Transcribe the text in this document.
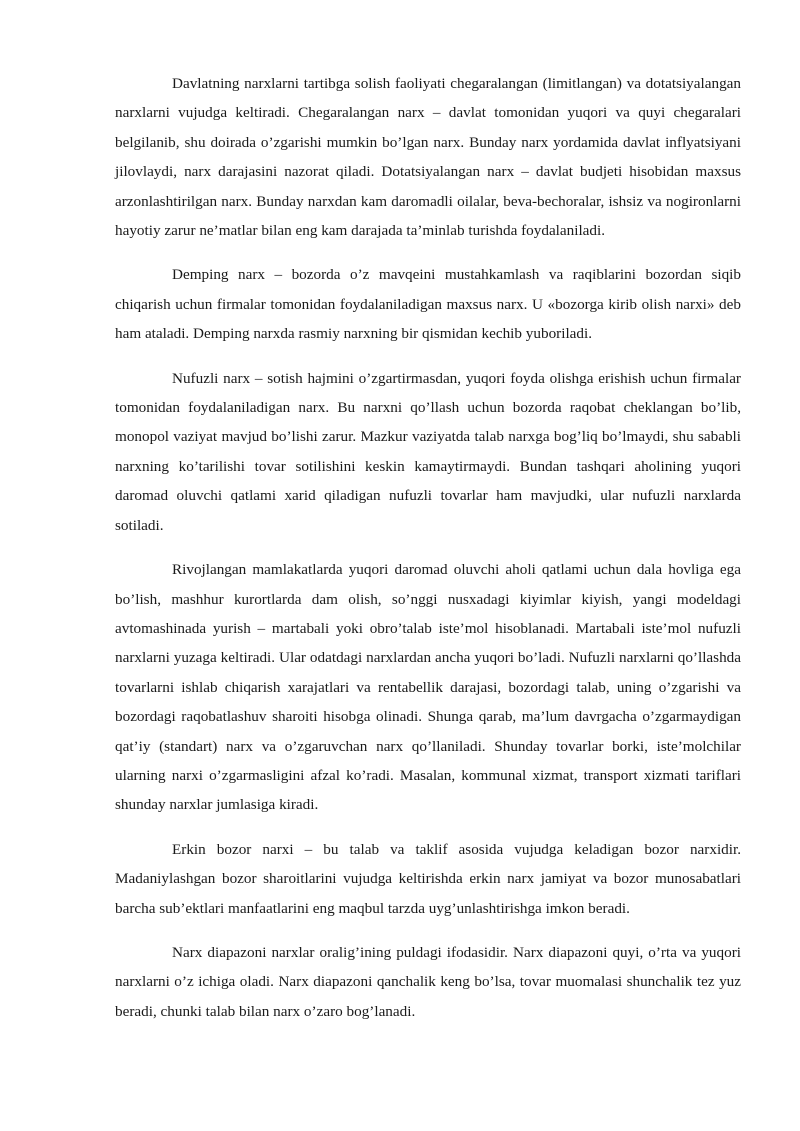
Davlatning narxlarni tartibga solish faoliyati chegaralangan (limitlangan) va dotatsiyalangan narxlarni vujudga keltiradi. Chegaralangan narx – davlat tomonidan yuqori va quyi chegaralari belgilanib, shu doirada o’zgarishi mumkin bo’lgan narx. Bunday narx yordamida davlat inflyatsiyani jilovlaydi, narx darajasini nazorat qiladi. Dotatsiyalangan narx – davlat budjeti hisobidan maxsus arzonlashtirilgan narx. Bunday narxdan kam daromadli oilalar, beva-bechoralar, ishsiz va nogironlarni hayotiy zarur ne’matlar bilan eng kam darajada ta’minlab turishda foydalaniladi.

Demping narx – bozorda o’z mavqeini mustahkamlash va raqiblarini bozordan siqib chiqarish uchun firmalar tomonidan foydalaniladigan maxsus narx. U «bozorga kirib olish narxi» deb ham ataladi. Demping narxda rasmiy narxning bir qismidan kechib yuboriladi.

Nufuzli narx – sotish hajmini o’zgartirmasdan, yuqori foyda olishga erishish uchun firmalar tomonidan foydalaniladigan narx. Bu narxni qo’llash uchun bozorda raqobat cheklangan bo’lib, monopol vaziyat mavjud bo’lishi zarur. Mazkur vaziyatda talab narxga bog’liq bo’lmaydi, shu sababli narxning ko’tarilishi tovar sotilishini keskin kamaytirmaydi. Bundan tashqari aholining yuqori daromad oluvchi qatlami xarid qiladigan nufuzli tovarlar ham mavjudki, ular nufuzli narxlarda sotiladi.

Rivojlangan mamlakatlarda yuqori daromad oluvchi aholi qatlami uchun dala hovliga ega bo’lish, mashhur kurortlarda dam olish, so’nggi nusxadagi kiyimlar kiyish, yangi modeldagi avtomashinada yurish – martabali yoki obro’talab iste’mol hisoblanadi. Martabali iste’mol nufuzli narxlarni yuzaga keltiradi. Ular odatdagi narxlardan ancha yuqori bo’ladi. Nufuzli narxlarni qo’llashda tovarlarni ishlab chiqarish xarajatlari va rentabellik darajasi, bozordagi talab, uning o’zgarishi va bozordagi raqobatlashuv sharoiti hisobga olinadi. Shunga qarab, ma’lum davrgacha o’zgarmaydigan qat’iy (standart) narx va o’zgaruvchan narx qo’llaniladi. Shunday tovarlar borki, iste’molchilar ularning narxi o’zgarmasligini afzal ko’radi. Masalan, kommunal xizmat, transport xizmati tariflari shunday narxlar jumlasiga kiradi.

Erkin bozor narxi – bu talab va taklif asosida vujudga keladigan bozor narxidir. Madaniylashgan bozor sharoitlarini vujudga keltirishda erkin narx jamiyat va bozor munosabatlari barcha sub’ektlari manfaatlarini eng maqbul tarzda uyg’unlashtirishga imkon beradi.

Narx diapazoni narxlar oralig’ining puldagi ifodasidir. Narx diapazoni quyi, o’rta va yuqori narxlarni o’z ichiga oladi. Narx diapazoni qanchalik keng bo’lsa, tovar muomalasi shunchalik tez yuz beradi, chunki talab bilan narx o’zaro bog’lanadi.
